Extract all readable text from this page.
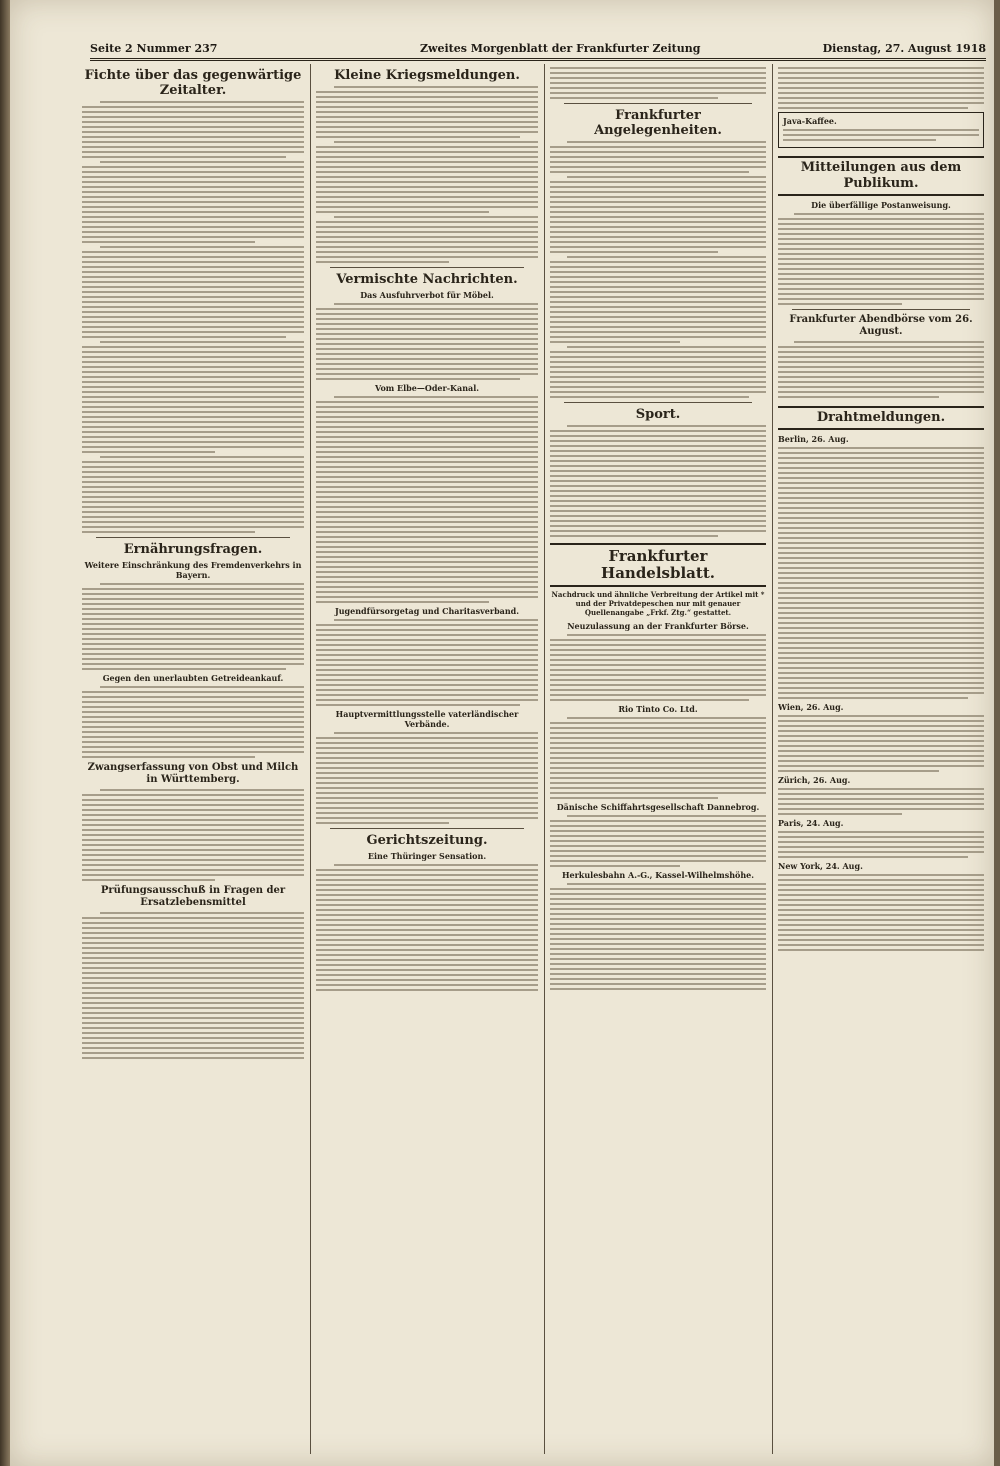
Seite 2 Nummer 237	Zweites Morgenblatt der Frankfurter Zeitung	Dienstag, 27. August 1918
Fichte über das gegenwärtige Zeitalter.
Ernährungsfragen.
Weitere Einschränkung des Fremdenverkehrs in Bayern.
Gegen den unerlaubten Getreideankauf.
Zwangserfassung von Obst und Milch in Württemberg.
Prüfungsausschuß in Fragen der Ersatzlebensmittel
Kleine Kriegsmeldungen.
Vermischte Nachrichten.
Das Ausfuhrverbot für Möbel.
Vom Elbe—Oder-Kanal.
Jugendfürsorgetag und Charitasverband.
Hauptvermittlungsstelle vaterländischer Verbände.
Gerichtszeitung.
Eine Thüringer Sensation.
Frankfurter Angelegenheiten.
Sport.
Frankfurter Handelsblatt.
Nachdruck und ähnliche Verbreitung der Artikel mit * und der Privatdepeschen nur mit genauer Quellenangabe „Frkf. Ztg.“ gestattet.
Neuzulassung an der Frankfurter Börse.
Rio Tinto Co. Ltd.
Dänische Schiffahrtsgesellschaft Dannebrog.
Herkulesbahn A.-G., Kassel-Wilhelmshöhe.
Java-Kaffee.
Mitteilungen aus dem Publikum.
Die überfällige Postanweisung.
Frankfurter Abendbörse vom 26. August.
Drahtmeldungen.
Berlin, 26. Aug.
Wien, 26. Aug.
Zürich, 26. Aug.
Paris, 24. Aug.
New York, 24. Aug.
